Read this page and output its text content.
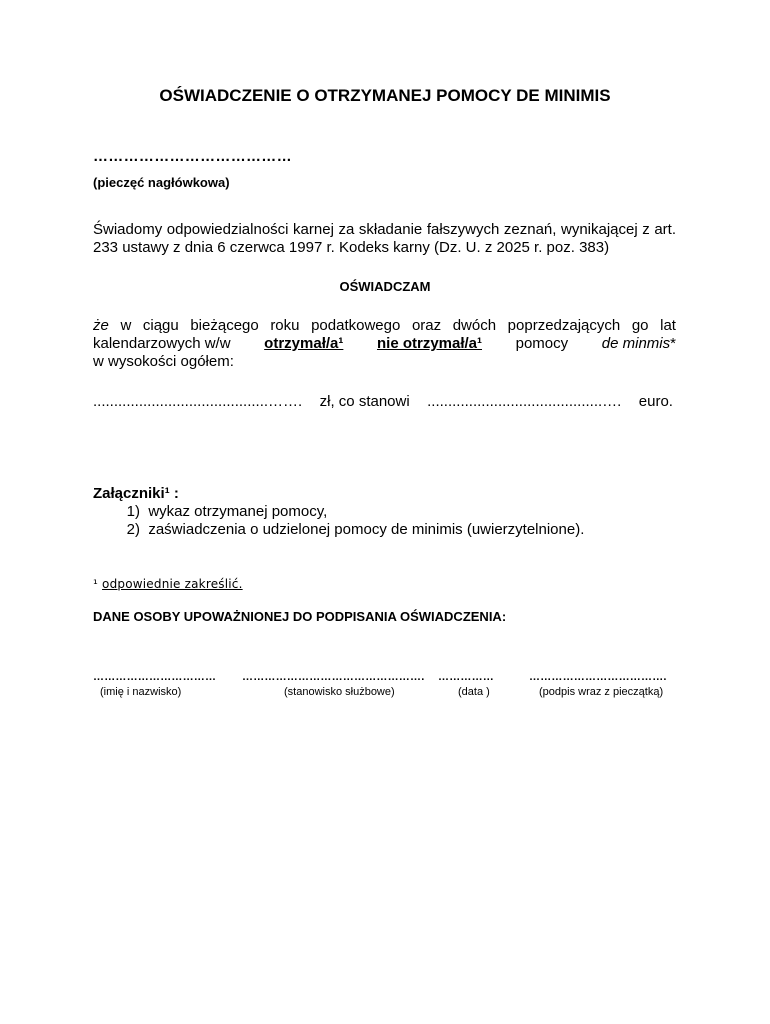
OŚWIADCZENIE O OTRZYMANEJ POMOCY DE MINIMIS
…………………………………
(pieczęć nagłówkowa)
Świadomy odpowiedzialności karnej za składanie fałszywych zeznań, wynikającej z art. 233 ustawy z dnia 6 czerwca 1997 r. Kodeks karny (Dz. U. z 2025 r. poz. 383)
OŚWIADCZAM
że w ciągu bieżącego roku podatkowego oraz dwóch poprzedzających go lat
kalendarzowych w/w otrzymał/a¹ nie otrzymał/a¹ pomocy de minmis*
w wysokości ogółem:
..........................................……. zł, co stanowi ..........................................…. euro.
Załączniki¹ :
1) wykaz otrzymanej pomocy,
2) zaświadczenia o udzielonej pomocy de minimis (uwierzytelnione).
¹ odpowiednie zakreślić.
DANE OSOBY UPOWAŻNIONEJ DO PODPISANIA OŚWIADCZENIA:
…………………………… …………………………………………. ……………	……………………………….
(imię i nazwisko)	(stanowisko służbowe)	(data )	(podpis wraz z pieczątką)
